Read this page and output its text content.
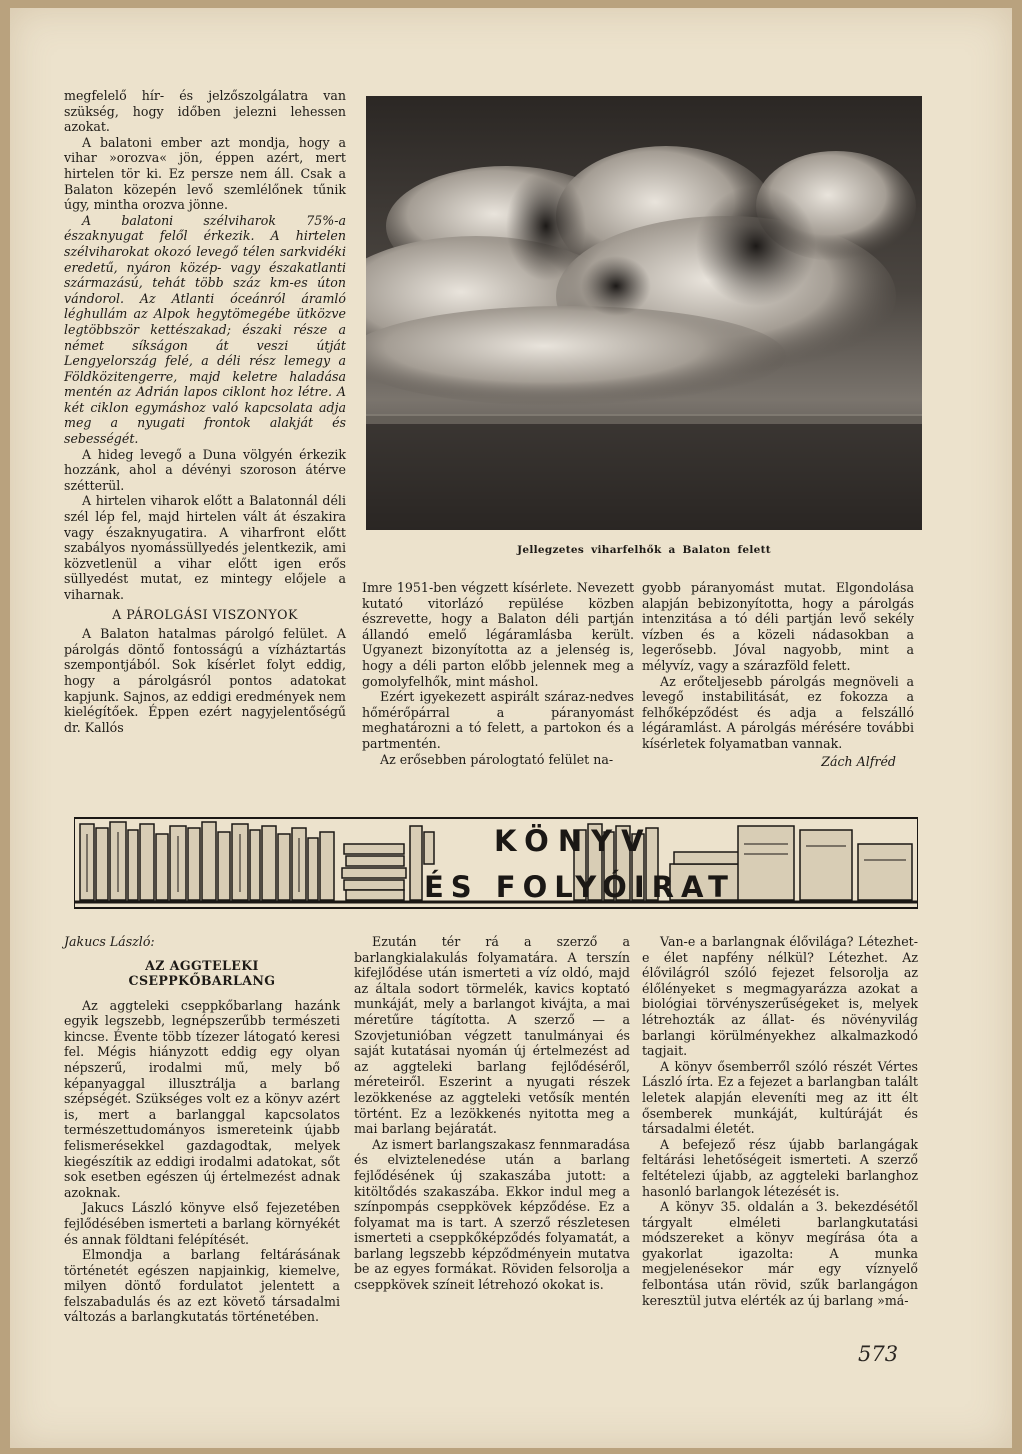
megfelelő hír- és jelzőszolgálatra van szükség, hogy időben jelezni lehessen azokat.

A balatoni ember azt mondja, hogy a vihar »orozva« jön, éppen azért, mert hirtelen tör ki. Ez persze nem áll. Csak a Balaton közepén levő szemlélőnek tűnik úgy, mintha orozva jönne.

A balatoni szélviharok 75%-a északnyugat felől érkezik. A hirtelen szélviharokat okozó levegő télen sarkvidéki eredetű, nyáron közép- vagy északatlanti származású, tehát több száz km-es úton vándorol. Az Atlanti óceánról áramló léghullám az Alpok hegytömegébe ütközve legtöbbször kettészakad; északi része a német síkságon át veszi útját Lengyelország felé, a déli rész lemegy a Földközitengerre, majd keletre haladása mentén az Adrián lapos ciklont hoz létre. A két ciklon egymáshoz való kapcsolata adja meg a nyugati frontok alakját és sebességét.

A hideg levegő a Duna völgyén érkezik hozzánk, ahol a dévényi szoroson átérve szétterül.

A hirtelen viharok előtt a Balatonnál déli szél lép fel, majd hirtelen vált át északira vagy északnyugatira. A viharfront előtt szabályos nyomássüllyedés jelentkezik, ami közvetlenül a vihar előtt igen erős süllyedést mutat, ez mintegy előjele a viharnak.

A PÁROLGÁSI VISZONYOK

A Balaton hatalmas párolgó felület. A párolgás döntő fontosságú a vízháztartás szempontjából. Sok kísérlet folyt eddig, hogy a párolgásról pontos adatokat kapjunk. Sajnos, az eddigi eredmények nem kielégítőek. Éppen ezért nagyjelentőségű dr. Kallós

Jellegzetes viharfelhők a Balaton felett

Imre 1951-ben végzett kísérlete. Nevezett kutató vitorlázó repülése közben észrevette, hogy a Balaton déli partján állandó emelő légáramlásba került. Ugyanezt bizonyította az a jelenség is, hogy a déli parton előbb jelennek meg a gomolyfelhők, mint máshol.

Ezért igyekezett aspirált száraz-nedves hőmérőpárral a páranyomást meghatározni a tó felett, a partokon és a partmentén.

Az erősebben párologtató felület na-

gyobb páranyomást mutat. Elgondolása alapján bebizonyította, hogy a párolgás intenzitása a tó déli partján levő sekély vízben és a közeli nádasokban a legerősebb. Jóval nagyobb, mint a mélyvíz, vagy a szárazföld felett.

Az erőteljesebb párolgás megnöveli a levegő instabilitását, ez fokozza a felhőképződést és adja a felszálló légáramlást. A párolgás mérésére további kísérletek folyamatban vannak.

Zách Alfréd
KÖNYV
ÉS FOLYÓIRAT
Jakucs László:
AZ AGGTELEKI
CSEPPKŐBARLANG

Az aggteleki cseppkőbarlang hazánk egyik legszebb, legnépszerűbb természeti kincse. Évente több tízezer látogató keresi fel. Mégis hiányzott eddig egy olyan népszerű, irodalmi mű, mely bő képanyaggal illusztrálja a barlang szépségét. Szükséges volt ez a könyv azért is, mert a barlanggal kapcsolatos természettudományos ismereteink újabb felismerésekkel gazdagodtak, melyek kiegészítik az eddigi irodalmi adatokat, sőt sok esetben egészen új értelmezést adnak azoknak.

Jakucs László könyve első fejezetében fejlődésében ismerteti a barlang környékét és annak földtani felépítését.

Elmondja a barlang feltárásának történetét egészen napjainkig, kiemelve, milyen döntő fordulatot jelentett a felszabadulás és az ezt követő társadalmi változás a barlangkutatás történetében.

Ezután tér rá a szerző a barlangkialakulás folyamatára. A terszín kifejlődése után ismerteti a víz oldó, majd az általa sodort törmelék, kavics koptató munkáját, mely a barlangot kivájta, a mai méretűre tágította. A szerző — a Szovjetunióban végzett tanulmányai és saját kutatásai nyomán új értelmezést ad az aggteleki barlang fejlődéséről, méreteiről. Eszerint a nyugati részek lezökkenése az aggteleki vetősík mentén történt. Ez a lezökkenés nyitotta meg a mai barlang bejáratát.

Az ismert barlangszakasz fennmaradása és elviztelenedése után a barlang fejlődésének új szakaszába jutott: a kitöltődés szakaszába. Ekkor indul meg a színpompás cseppkövek képződése. Ez a folyamat ma is tart. A szerző részletesen ismerteti a cseppkőképződés folyamatát, a barlang legszebb képződményein mutatva be az egyes formákat. Röviden felsorolja a cseppkövek színeit létrehozó okokat is.

Van-e a barlangnak élővilága? Létezhet-e élet napfény nélkül? Létezhet. Az élővilágról szóló fejezet felsorolja az élőlényeket s megmagyarázza azokat a biológiai törvényszerűségeket is, melyek létrehozták az állat- és növényvilág barlangi körülményekhez alkalmazkodó tagjait.

A könyv ősemberről szóló részét Vértes László írta. Ez a fejezet a barlangban talált leletek alapján eleveníti meg az itt élt ősemberek munkáját, kultúráját és társadalmi életét.

A befejező rész újabb barlangágak feltárási lehetőségeit ismerteti. A szerző feltételezi újabb, az aggteleki barlanghoz hasonló barlangok létezését is.

A könyv 35. oldalán a 3. bekezdésétől tárgyalt elméleti barlangkutatási módszereket a könyv megírása óta a gyakorlat igazolta: A munka megjelenésekor már egy víznyelő felbontása után rövid, szűk barlangágon keresztül jutva elérték az új barlang »má-

573
